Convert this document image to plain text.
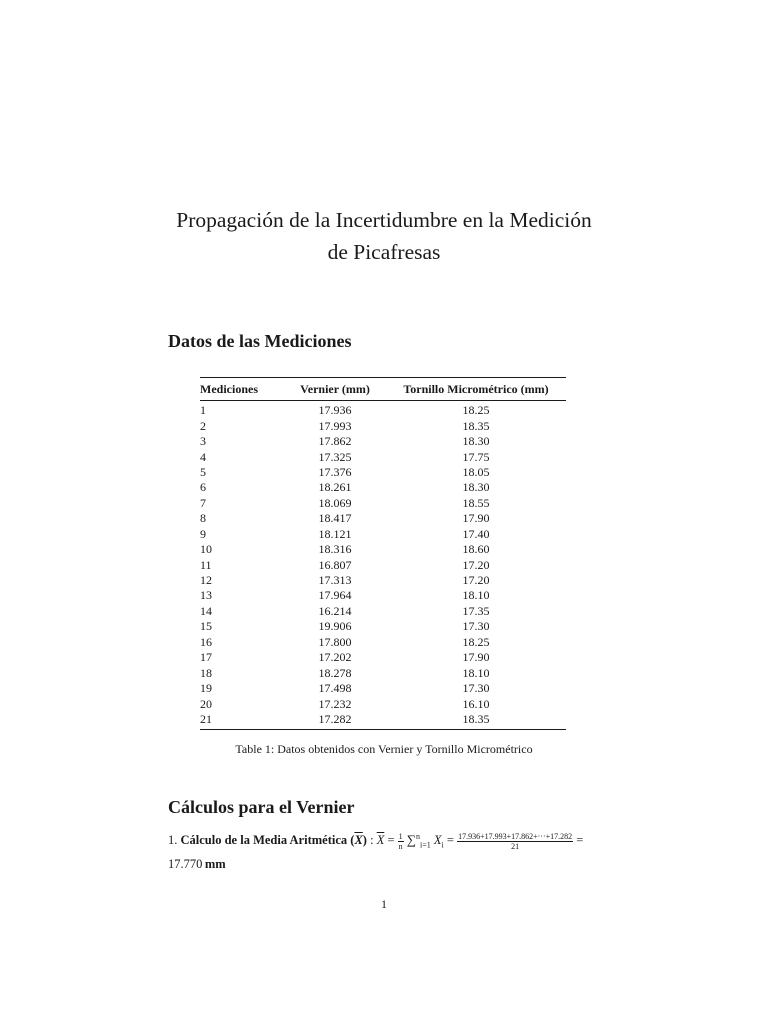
Propagación de la Incertidumbre en la Medición
de Picafresas
Datos de las Mediciones
Mediciones	Vernier (mm)	Tornillo Micrométrico (mm)
1	17.936	18.25
2	17.993	18.35
3	17.862	18.30
4	17.325	17.75
5	17.376	18.05
6	18.261	18.30
7	18.069	18.55
8	18.417	17.90
9	18.121	17.40
10	18.316	18.60
11	16.807	17.20
12	17.313	17.20
13	17.964	18.10
14	16.214	17.35
15	19.906	17.30
16	17.800	18.25
17	17.202	17.90
18	18.278	18.10
19	17.498	17.30
20	17.232	16.10
21	17.282	18.35
Table 1: Datos obtenidos con Vernier y Tornillo Micrométrico
Cálculos para el Vernier
1. Cálculo de la Media Aritmética $(\overline{X})$ : $\overline{X} = \frac{1}{n} \sum^n_{i=1}$ $X_i = \frac{17.936+17.993+17.862+\cdot\cdot\cdot+17.282}{21}$ =
17.770  mm
1
